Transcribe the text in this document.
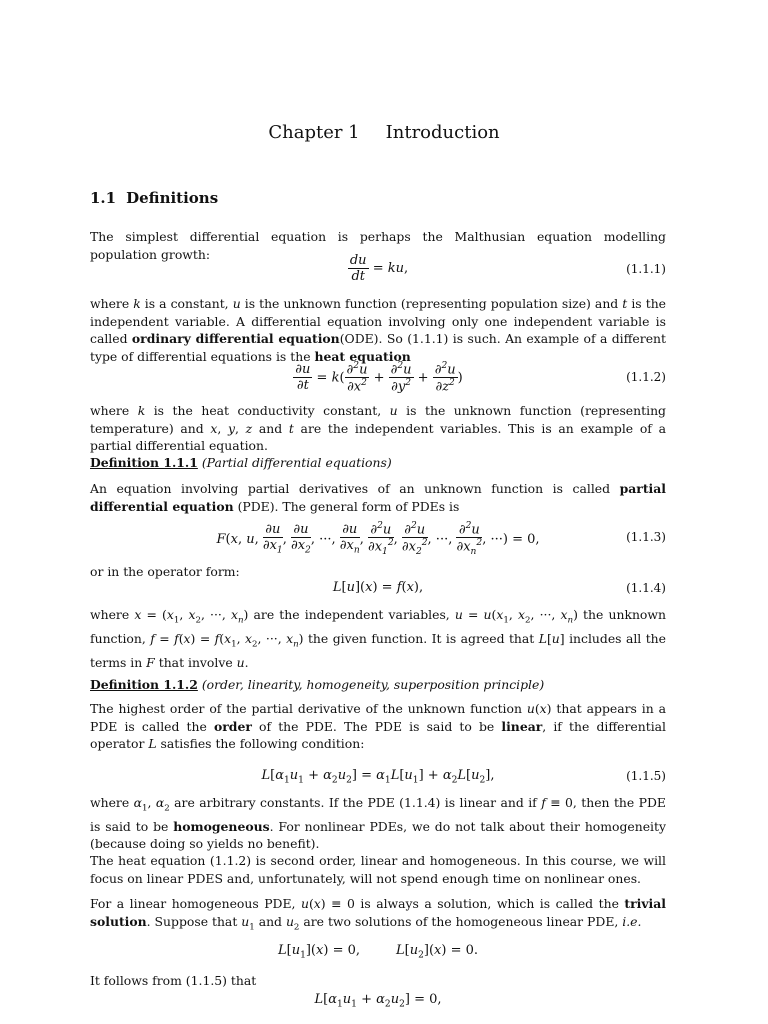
Chapter 1 Introduction
1.1 Definitions
The simplest differential equation is perhaps the Malthusian equation modelling population growth:	$\frac{du}{dt}$ = ku,	(1.1.1)
where k is a constant, u is the unknown function (representing population size) and t is the independent variable. A differential equation involving only one independent variable is called ordinary differential equation(ODE). So (1.1.1) is such. An example of a different type of differential equations is the heat equation
$\frac{\partial u}{\partial t} = k( \frac{\partial^2u}{\partial x^2} + \frac{\partial^2u}{\partial y^2} + \frac{\partial^2u}{\partial z^2}$ )	(1.1.2)
where k is the heat conductivity constant, u is the unknown function (representing temperature) and x, y, z and t are the independent variables. This is an example of a partial differential equation.
Definition 1.1.1 (Partial differential equations)
An equation involving partial derivatives of an unknown function is called partial differential equation (PDE). The general form of PDEs is
F(x, u, $\frac{\partial u}{\partial x_1}$ , $\frac{\partial u}{\partial x_2}$ , ···, $\frac{\partial u}{\partial x_n}$ , $\frac{\partial^2u}{\partial x_1^2}$ , $\frac{\partial^2u}{\partial x_2^2}$ , ···, $\frac{\partial^2u}{\partial x_n^2}$ , ···) = 0,	(1.1.3)
or in the operator form:
L[u](x) = f(x),	(1.1.4)
where $x = (x_1$, $x_2$, ···, $x_n$) are the independent variables, $u = u(x_1$, $x_2$, ···, $x_n$) the unknown function, $f = f(x) = f(x_1$, $x_2$, ···, $x_n$) the given function. It is agreed that L[u] includes all the terms in F that involve u.
Definition 1.1.2 (order, linearity, homogeneity, superposition principle)
The highest order of the partial derivative of the unknown function u(x) that appears in a PDE is called the order of the PDE. The PDE is said to be linear, if the differential operator L satisfies the following condition:
$L[\alpha_1u_1 + \alpha_2u_2] = \alpha_1L[u_1] + \alpha_2L[u_2]$,	(1.1.5)
where $\alpha_1$, $\alpha_2$ are arbitrary constants. If the PDE (1.1.4) is linear and if f ≡ 0, then the PDE is said to be homogeneous. For nonlinear PDEs, we do not talk about their homogeneity (because doing so yields no benefit).
The heat equation (1.1.2) is second order, linear and homogeneous. In this course, we will focus on linear PDES and, unfortunately, will not spend enough time on nonlinear ones.
For a linear homogeneous PDE, u(x) ≡ 0 is always a solution, which is called the trivial solution. Suppose that $u_1$ and $u_2$ are two solutions of the homogeneous linear PDE, i.e.
$L[u_1](x) = 0$,	$L[u_2](x) = 0$.
It follows from (1.1.5) that
$L[\alpha_1u_1 + \alpha_2u_2] = 0$,
